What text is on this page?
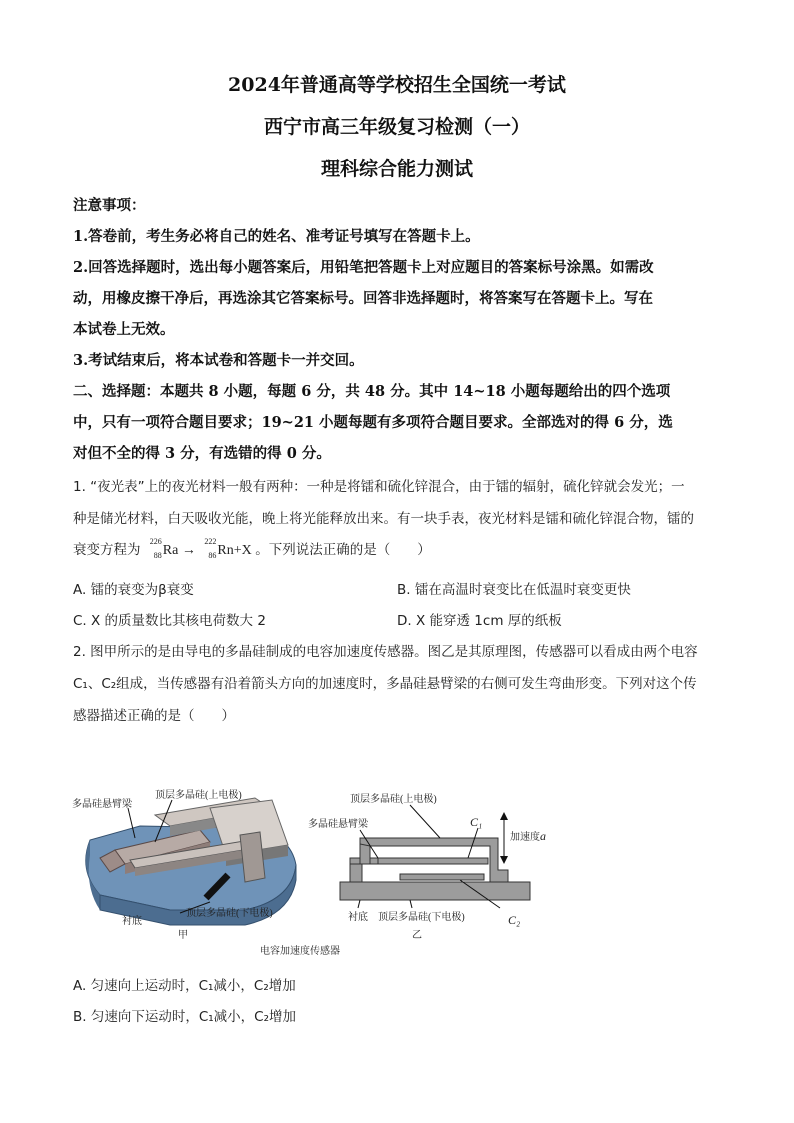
2024年普通高等学校招生全国统一考试
西宁市高三年级复习检测（一）
理科综合能力测试
注意事项：
1.答卷前，考生务必将自己的姓名、准考证号填写在答题卡上。
2.回答选择题时，选出每小题答案后，用铅笔把答题卡上对应题目的答案标号涂黑。如需改
动，用橡皮擦干净后，再选涂其它答案标号。回答非选择题时，将答案写在答题卡上。写在
本试卷上无效。
3.考试结束后，将本试卷和答题卡一并交回。
二、选择题：本题共 8 小题，每题 6 分，共 48 分。其中 14~18 小题每题给出的四个选项
中，只有一项符合题目要求；19~21 小题每题有多项符合题目要求。全部选对的得 6 分，选
对但不全的得 3 分，有选错的得 0 分。
1. “夜光表”上的夜光材料一般有两种：一种是将镭和硫化锌混合，由于镭的辐射，硫化锌就会发光；一
种是储光材料，白天吸收光能，晚上将光能释放出来。有一块手表，夜光材料是镭和硫化锌混合物，镭的
衰变方程为
226
88 Ra →
222
86 Rn+X 。下列说法正确的是（　　）
A. 镭的衰变为β衰变	B. 镭在高温时衰变比在低温时衰变更快
C. X 的质量数比其核电荷数大 2	D. X 能穿透 1cm 厚的纸板
2. 图甲所示的是由导电的多晶硅制成的电容加速度传感器。图乙是其原理图，传感器可以看成由两个电容
C₁、C₂组成，当传感器有沿着箭头方向的加速度时，多晶硅悬臂梁的右侧可发生弯曲形变。下列对这个传
感器描述正确的是（　　）
顶层多晶硅(上电极)
多晶硅悬臂梁
衬底
顶层多晶硅(下电极)
甲
顶层多晶硅(上电极)
多晶硅悬臂梁	C₁
加速度a
衬底 顶层多晶硅(下电极)	C₂
乙
电容加速度传感器
A. 匀速向上运动时，C₁减小，C₂增加
B. 匀速向下运动时，C₁减小，C₂增加
